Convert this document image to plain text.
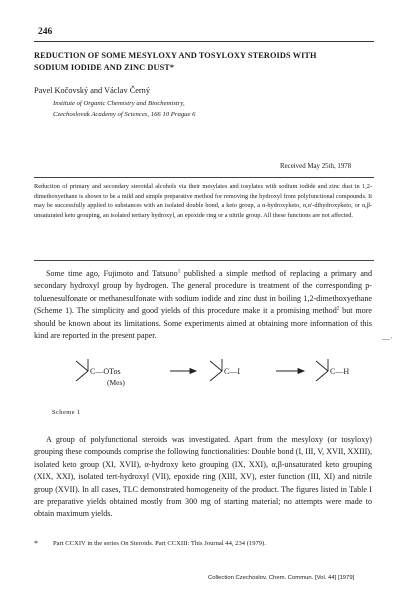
246
REDUCTION OF SOME MESYLOXY AND TOSYLOXY STEROIDS WITH
SODIUM IODIDE AND ZINC DUST*

Pavel Kočovský and Václav Černý

Institute of Organic Chemistry and Biochemistry,
Czechoslovak Academy of Sciences, 166 10 Prague 6
Received May 25th, 1978

Reduction of primary and secondary steroidal alcohols via their mesylates and tosylates with sodium iodide and zinc dust in 1,2-dimethoxyethane is shown to be a mild and simple preparative method for removing the hydroxyl from polyfunctional compounds. It may be successfully applied to substances with an isolated double bond, a keto group, a α-hydroxyketo, α,α′-dihydroxyketo, or α,β-unsaturated keto grouping, an isolated tertiary hydroxyl, an epoxide ring or a nitrile group. All these functions are not affected.

Some time ago, Fujimoto and Tatsuno$^1$ published a simple method of replacing a primary and secondary hydroxyl group by hydrogen. The general procedure is treatment of the corresponding p-toluenesulfonate or methanesulfonate with sodium iodide and zinc dust in boiling 1,2-dimethoxyethane (Scheme 1). The simplicity and good yields of this procedure make it a promising method$^2$ but more should be known about its limitations. Some experiments aimed at obtaining more information of this kind are reported in the present paper.	—·
C—OTos
(Mes)
C—I	C—H
Scheme 1

A group of polyfunctional steroids was investigated. Apart from the mesyloxy (or tosyloxy) grouping these compounds comprise the following functionalities: Double bond (I, III, V, XVII, XXIII), isolated keto group (XI, XVII), α-hydroxy keto grouping (IX, XXI), α,β-unsaturated keto grouping (XIX, XXI), isolated tert-hydroxyl (VII), epoxide ring (XIII, XV), ester function (III, XI) and nitrile group (XVII). In all cases, TLC demonstrated homogeneity of the product. The figures listed in Table I are preparative yields obtained mostly from 300 mg of starting material; no attempts were made to obtain maximum yields.

* Part CCXIV in the series On Steroids. Part CCXIII: This Journal 44, 234 (1979).
Collection Czechoslov. Chem. Commun. [Vol. 44] [1979]
